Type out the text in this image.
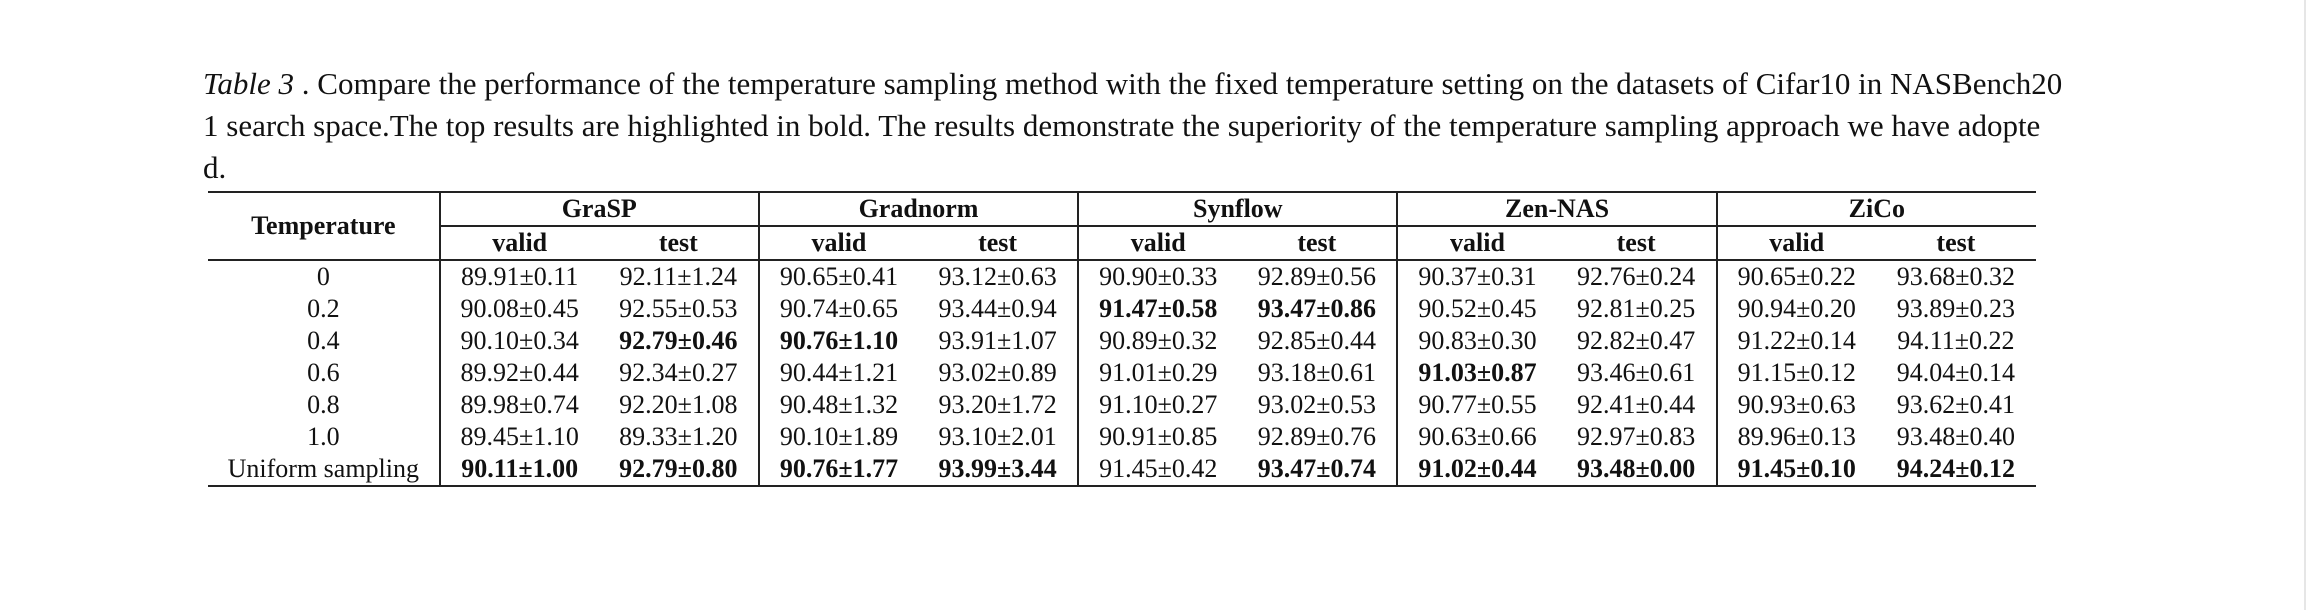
Table 3 . Compare the performance of the temperature sampling method with the fixed temperature setting on the datasets of Cifar10 in NASBench201 search space.The top results are highlighted in bold. The results demonstrate the superiority of the temperature sampling approach we have adopted.
Temperature	GraSP		Gradnorm		Synflow		Zen-NAS		ZiCo	
	valid	test	valid	test	valid	test	valid	test	valid	test
0	89.91±0.11	92.11±1.24	90.65±0.41	93.12±0.63	90.90±0.33	92.89±0.56	90.37±0.31	92.76±0.24	90.65±0.22	93.68±0.32
0.2	90.08±0.45	92.55±0.53	90.74±0.65	93.44±0.94	91.47±0.58	93.47±0.86	90.52±0.45	92.81±0.25	90.94±0.20	93.89±0.23
0.4	90.10±0.34	92.79±0.46	90.76±1.10	93.91±1.07	90.89±0.32	92.85±0.44	90.83±0.30	92.82±0.47	91.22±0.14	94.11±0.22
0.6	89.92±0.44	92.34±0.27	90.44±1.21	93.02±0.89	91.01±0.29	93.18±0.61	91.03±0.87	93.46±0.61	91.15±0.12	94.04±0.14
0.8	89.98±0.74	92.20±1.08	90.48±1.32	93.20±1.72	91.10±0.27	93.02±0.53	90.77±0.55	92.41±0.44	90.93±0.63	93.62±0.41
1.0	89.45±1.10	89.33±1.20	90.10±1.89	93.10±2.01	90.91±0.85	92.89±0.76	90.63±0.66	92.97±0.83	89.96±0.13	93.48±0.40
Uniform sampling	90.11±1.00	92.79±0.80	90.76±1.77	93.99±3.44	91.45±0.42	93.47±0.74	91.02±0.44	93.48±0.00	91.45±0.10	94.24±0.12
